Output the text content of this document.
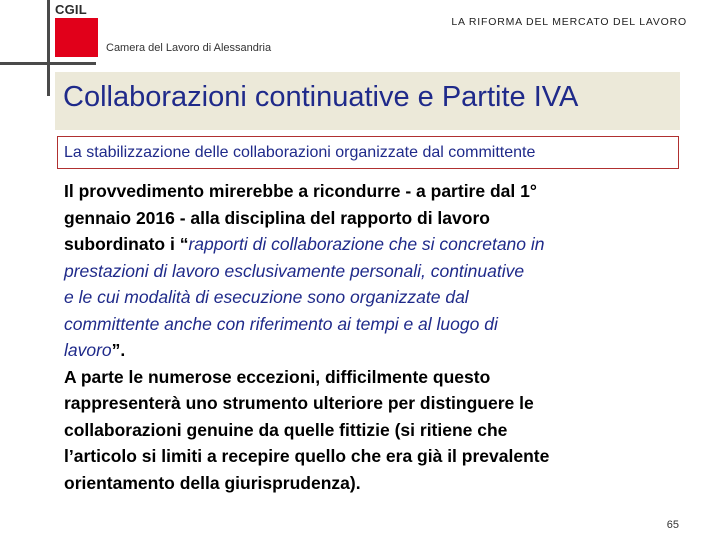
CGIL
LA RIFORMA DEL MERCATO DEL LAVORO
Camera del Lavoro di Alessandria
Collaborazioni continuative e Partite IVA
La stabilizzazione delle collaborazioni organizzate dal committente
Il provvedimento mirerebbe a ricondurre - a partire dal 1°
gennaio 2016 - alla disciplina del rapporto di lavoro
subordinato i “rapporti di collaborazione che si concretano in
prestazioni di lavoro esclusivamente personali, continuative
e le cui modalità di esecuzione sono organizzate dal
committente anche con riferimento ai tempi e al luogo di
lavoro”.
A parte le numerose eccezioni, difficilmente questo
rappresenterà uno strumento ulteriore per distinguere le
collaborazioni genuine da quelle fittizie (si ritiene che
l’articolo si limiti a recepire quello che era già il prevalente
orientamento della giurisprudenza).
65
